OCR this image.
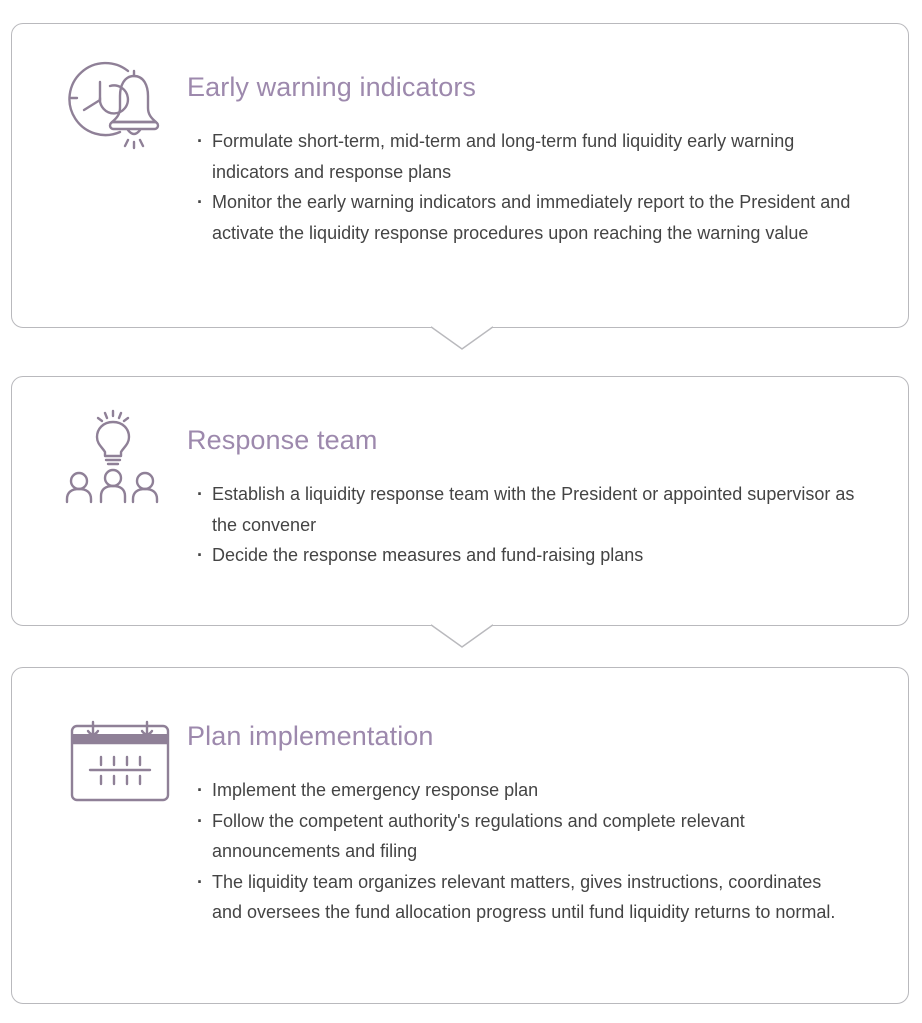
Early warning indicators
· Formulate short-term, mid-term and long-term fund liquidity early warning indicators and response plans
· Monitor the early warning indicators and immediately report to the President and activate the liquidity response procedures upon reaching the warning value
Response team
· Establish a liquidity response team with the President or appointed supervisor as the convener
· Decide the response measures and fund-raising plans
Plan implementation
· Implement the emergency response plan
· Follow the competent authority's regulations and complete relevant announcements and filing
· The liquidity team organizes relevant matters, gives instructions, coordinates and oversees the fund allocation progress until fund liquidity returns to normal.
